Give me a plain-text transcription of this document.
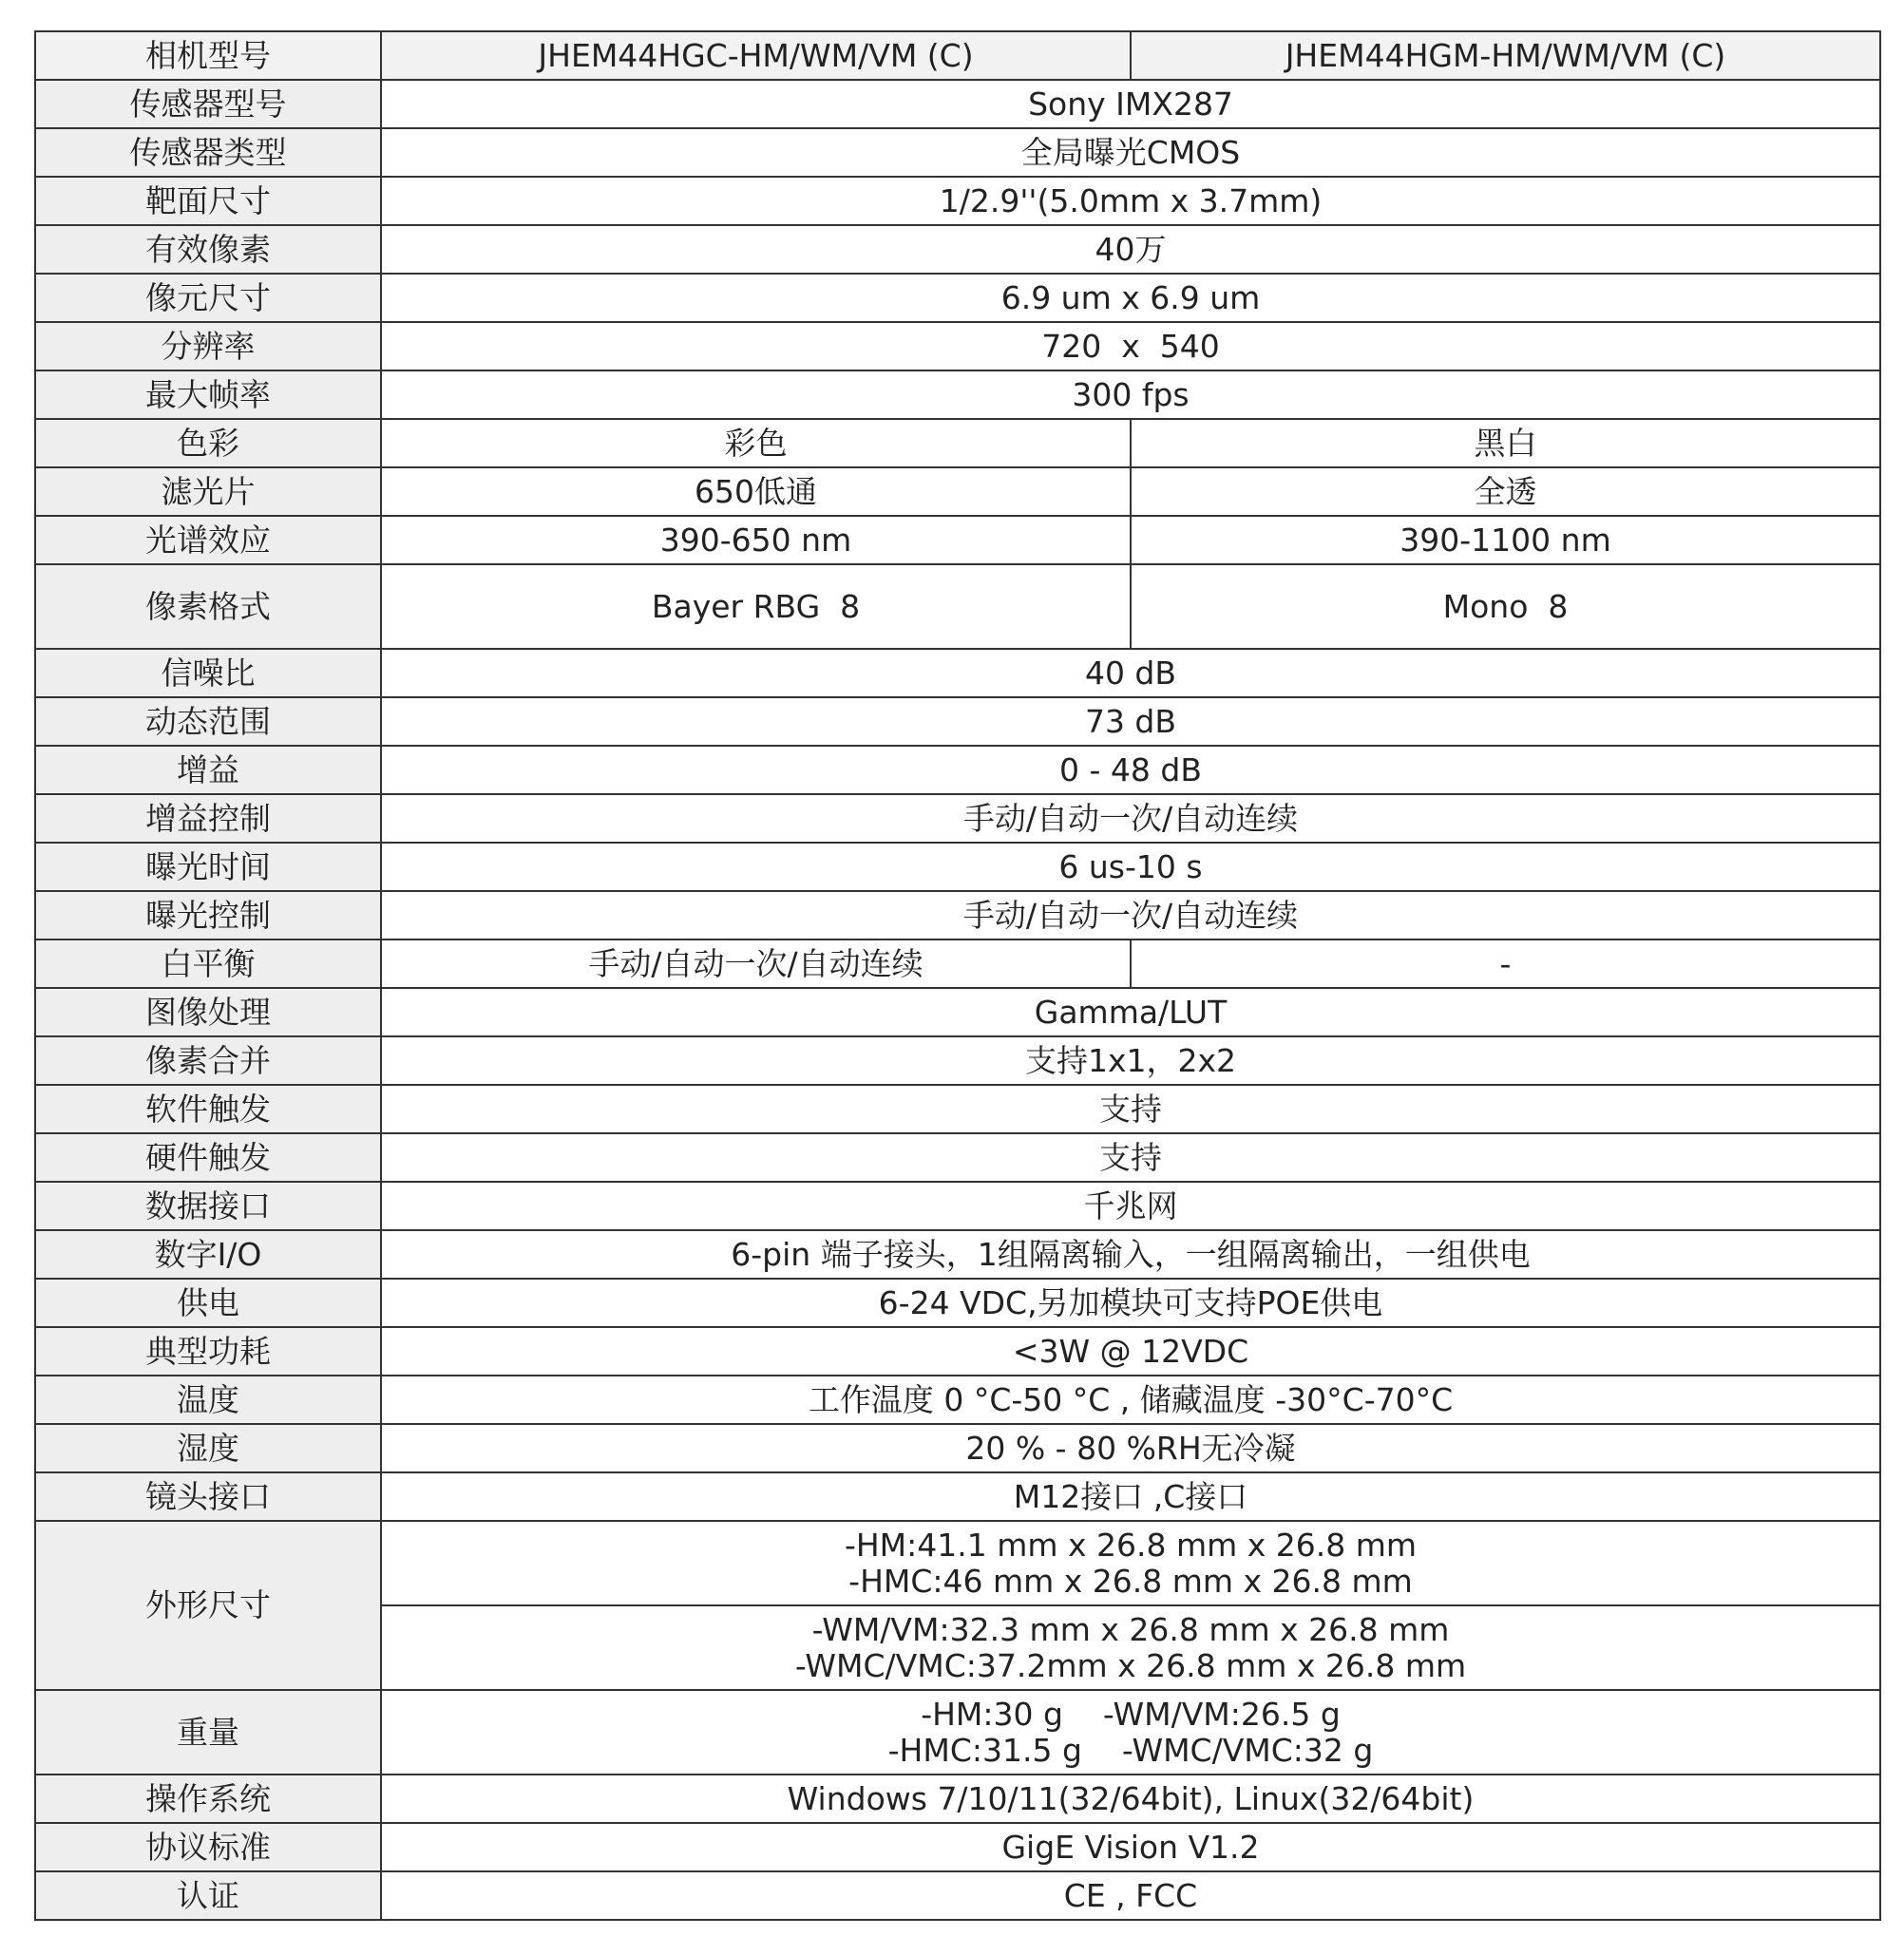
相机型号	JHEM44HGC-HM/WM/VM (C)	JHEM44HGM-HM/WM/VM (C)
传感器型号	Sony IMX287	
传感器类型	全局曝光CMOS	
靶面尺寸	1/2.9''(5.0mm x 3.7mm)	
有效像素	40万	
像元尺寸	6.9 um x 6.9 um	
分辨率	720  x  540	
最大帧率	300 fps	
色彩	彩色	黑白
滤光片	650低通	全透
光谱效应	390-650 nm	390-1100 nm
像素格式	Bayer RBG  8	Mono  8
信噪比	40 dB	
动态范围	73 dB	
增益	0 - 48 dB	
增益控制	手动/自动一次/自动连续	
曝光时间	6 us-10 s	
曝光控制	手动/自动一次/自动连续	
白平衡	手动/自动一次/自动连续	-
图像处理	Gamma/LUT	
像素合并	支持1x1，2x2	
软件触发	支持	
硬件触发	支持	
数据接口	千兆网	
数字I/O	6-pin 端子接头，1组隔离输入，一组隔离输出，一组供电	
供电	6-24 VDC,另加模块可支持POE供电	
典型功耗	<3W @ 12VDC	
温度	工作温度 0 °C-50 °C , 储藏温度 -30°C-70°C	
湿度	20 % - 80 %RH无冷凝	
镜头接口	M12接口 ,C接口	
外形尺寸	-HM:41.1 mm x 26.8 mm x 26.8 mm
-HMC:46 mm x 26.8 mm x 26.8 mm	

	-WM/VM:32.3 mm x 26.8 mm x 26.8 mm
-WMC/VMC:37.2mm x 26.8 mm x 26.8 mm	

重量	-HM:30 g    -WM/VM:26.5 g
-HMC:31.5 g    -WMC/VMC:32 g	

操作系统	Windows 7/10/11(32/64bit), Linux(32/64bit)	
协议标准	GigE Vision V1.2	
认证	CE , FCC	
